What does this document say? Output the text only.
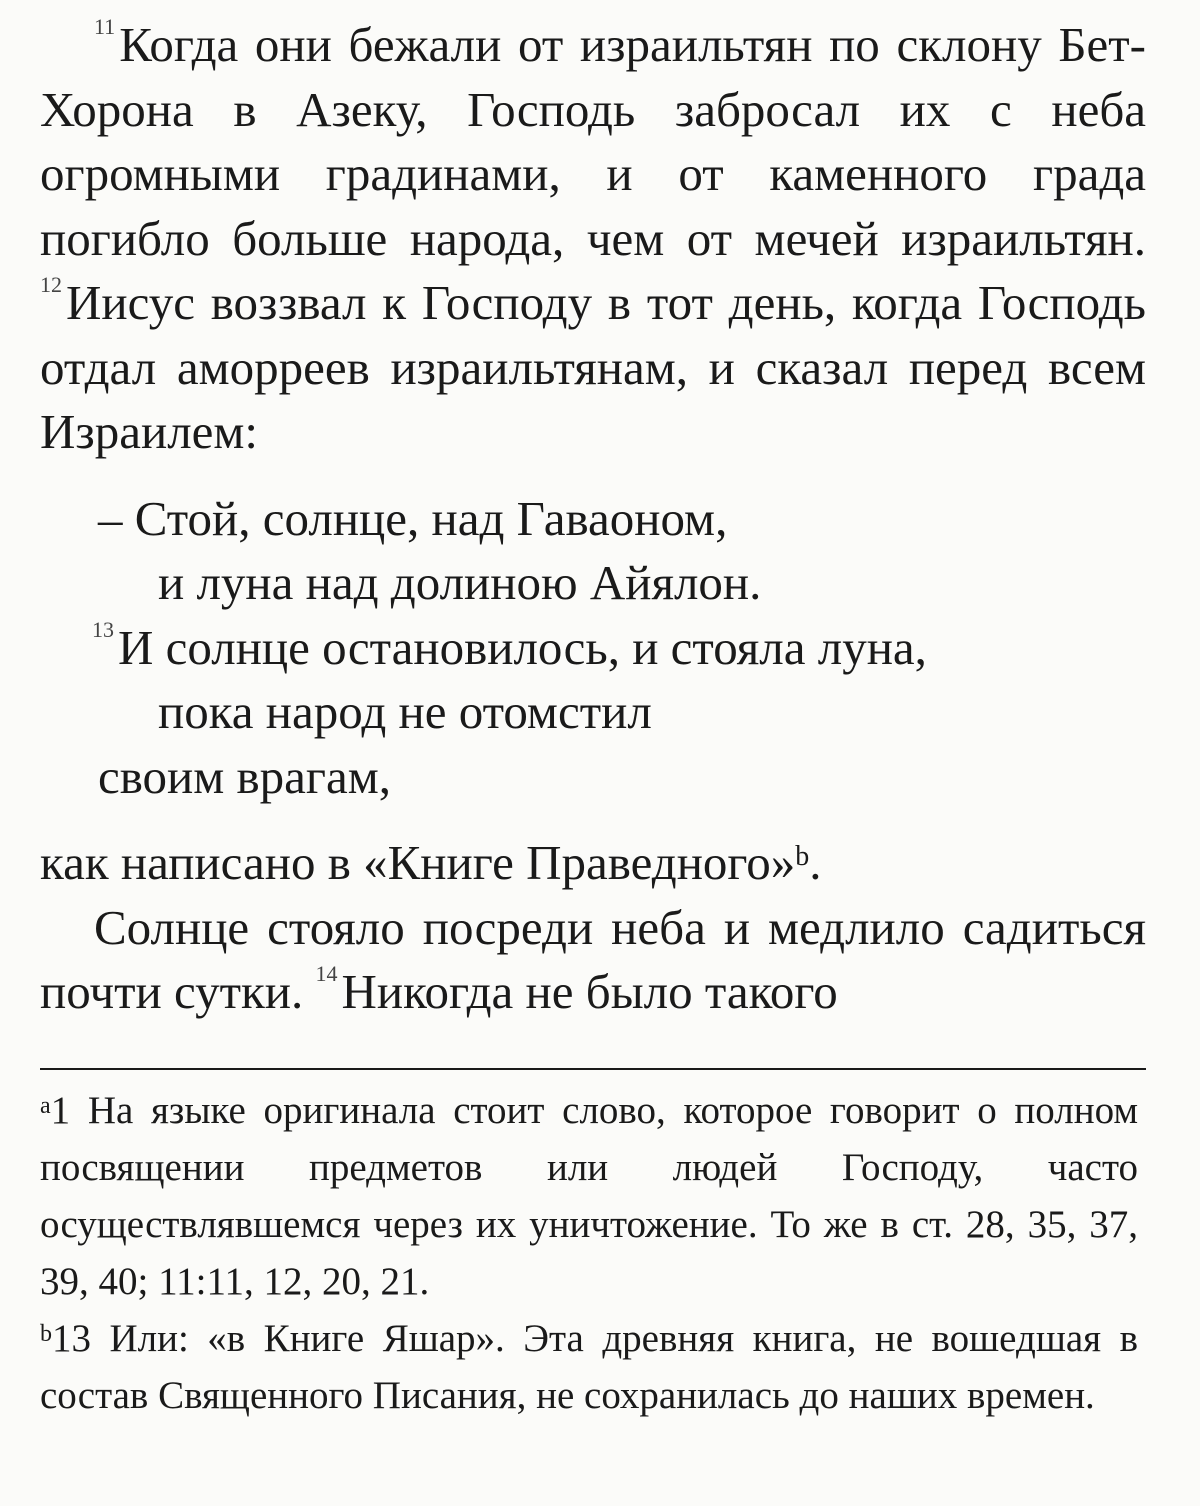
$^{11}$Когда они бежали от израильтян по склону Бет-Хорона в Азеку, Господь забросал их с неба огромными градинами, и от каменного града погибло больше народа, чем от мечей израильтян. $^{12}$Иисус воззвал к Господу в тот день, когда Господь отдал аморреев израильтянам, и сказал перед всем Израилем:

– Стой, солнце, над Гаваоном,
и луна над долиною Айялон.
$^{13}$И солнце остановилось, и стояла луна,
пока народ не отомстил
своим врагам,
как написано в «Книге Праведного»$^b$.

Солнце стояло посреди неба и медлило садиться почти сутки. $^{14}$Никогда не было такого

$^a$1 На языке оригинала стоит слово, которое говорит о полном посвящении предметов или людей Господу, часто осуществлявшемся через их уничтожение. То же в ст. 28, 35, 37, 39, 40; 11:11, 12, 20, 21.

$^b$13 Или: «в Книге Яшар». Эта древняя книга, не вошедшая в состав Священного Писания, не сохранилась до наших времен.
